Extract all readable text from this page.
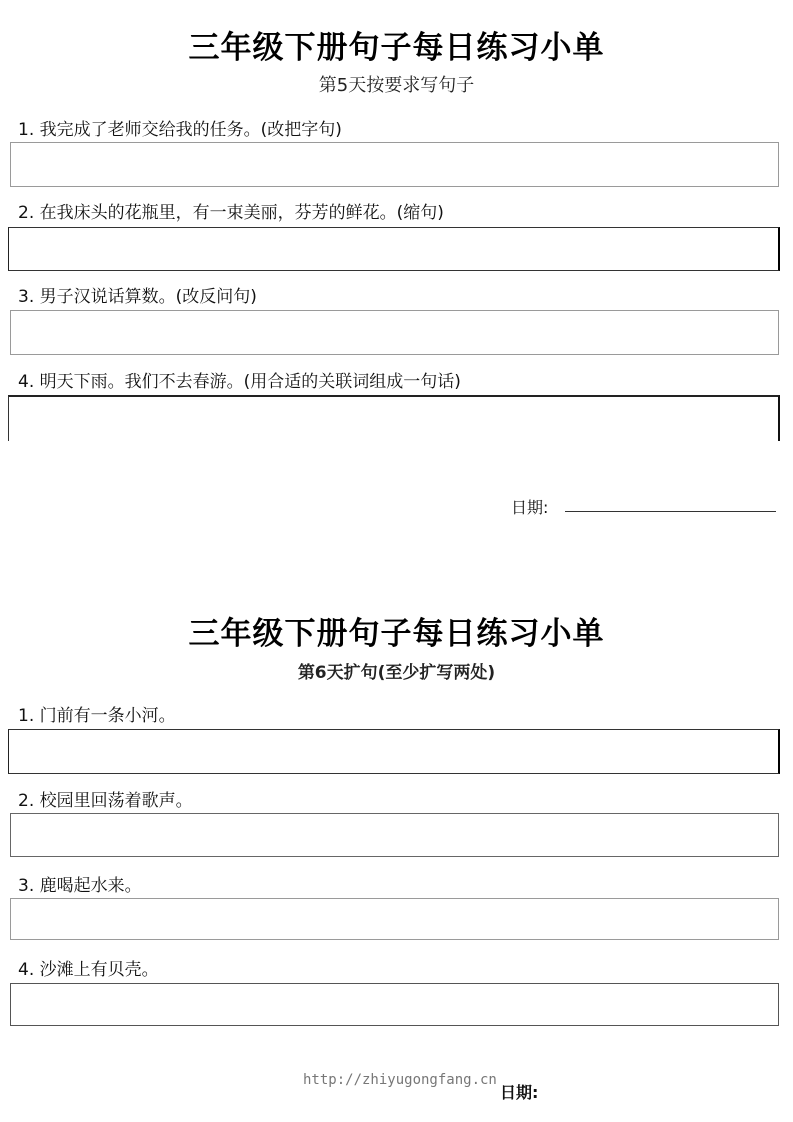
三年级下册句子每日练习小单
第5天按要求写句子
1. 我完成了老师交给我的任务。(改把字句)
2. 在我床头的花瓶里，有一束美丽，芬芳的鲜花。(缩句)
3. 男子汉说话算数。(改反问句)
4. 明天下雨。我们不去春游。(用合适的关联词组成一句话)
日期:
三年级下册句子每日练习小单
第6天扩句(至少扩写两处)
1. 门前有一条小河。
2. 校园里回荡着歌声。
3. 鹿喝起水来。
4. 沙滩上有贝壳。
http://zhiyugongfang.cn
日期:
